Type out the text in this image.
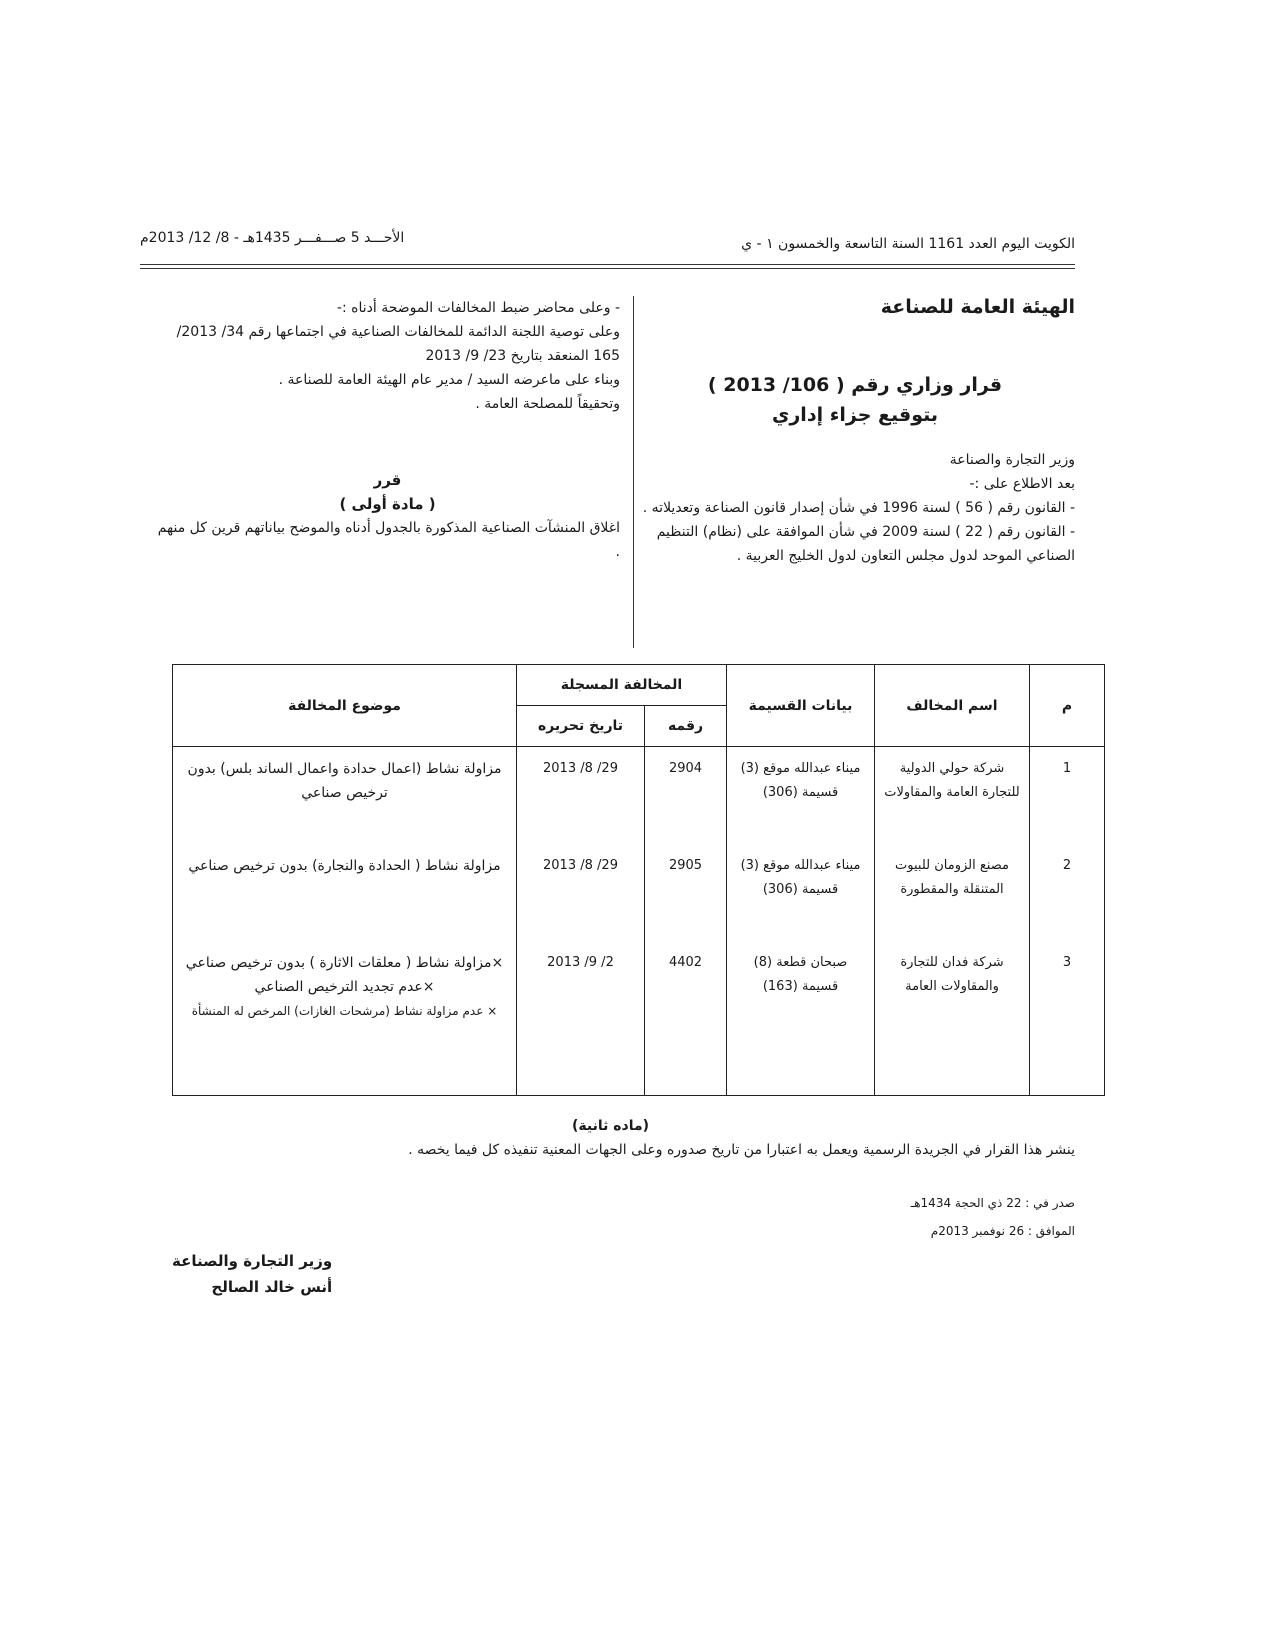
الكويت اليوم العدد 1161 السنة التاسعة والخمسون ١ - ي
الأحـــد 5 صـــفـــر 1435هـ - 8/ 12/ 2013م
الهيئة العامة للصناعة
قرار وزاري رقم ( 106/ 2013 )
بتوقيع جزاء إداري

وزير التجارة والصناعة

بعد الاطلاع على :-

- القانون رقم ( 56 ) لسنة 1996 في شأن إصدار قانون الصناعة وتعديلاته .

- القانون رقم ( 22 ) لسنة 2009 في شأن الموافقة على (نظام) التنظيم الصناعي الموحد لدول مجلس التعاون لدول الخليج العربية .

- وعلى محاضر ضبط المخالفات الموضحة أدناه :-

وعلى توصية اللجنة الدائمة للمخالفات الصناعية في اجتماعها رقم 34/ 2013/ 165 المنعقد بتاريخ 23/ 9/ 2013

وبناء على ماعرضه السيد / مدير عام الهيئة العامة للصناعة .

وتحقيقاً للمصلحة العامة .

قرر
( مادة أولى )

اغلاق المنشآت الصناعية المذكورة بالجدول أدناه والموضح بياناتهم قرين كل منهم .

م	اسم المخالف	بيانات القسيمة	المخالفة المسجلة		موضوع المخالفة
			رقمه	تاريخ تحريره	
1	شركة حولي الدولية للتجارة العامة والمقاولات	ميناء عبدالله موقع (3) قسيمة (306)	2904	29/ 8/ 2013	مزاولة نشاط (اعمال حدادة واعمال الساند بلس) بدون ترخيص صناعي

2	مصنع الزومان للبيوت المتنقلة والمقطورة	ميناء عبدالله موقع (3) قسيمة (306)	2905	29/ 8/ 2013	مزاولة نشاط ( الحدادة والنجارة) بدون ترخيص صناعي

3	شركة فدان للتجارة والمقاولات العامة	صبحان قطعة (8) قسيمة (163)	4402	2/ 9/ 2013	×مزاولة نشاط ( معلقات الاثارة ) بدون ترخيص صناعي
×عدم تجديد الترخيص الصناعي
× عدم مزاولة نشاط (مرشحات الغازات) المرخص له المنشأة
(ماده ثانية)
ينشر هذا القرار في الجريدة الرسمية ويعمل به اعتبارا من تاريخ صدوره وعلى الجهات المعنية تنفيذه كل فيما يخصه .
صدر في : 22 ذي الحجة 1434هـ
الموافق : 26 نوفمبر 2013م
وزير التجارة والصناعة
أنس خالد الصالح
